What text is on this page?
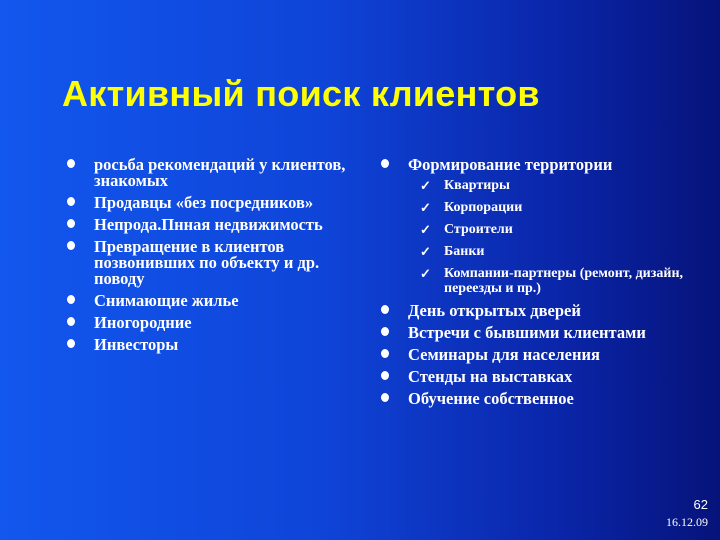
Активный поиск клиентов
росьба рекомендаций у клиентов, знакомых
Продавцы «без посредников»
Непрода.Пнная недвижимость
Превращение в клиентов позвонивших по объекту и др. поводу
Снимающие жилье
Иногородние
Инвесторы
Формирование территории
✓ Квартиры
✓ Корпорации
✓ Строители
✓ Банки
✓ Компании-партнеры (ремонт, дизайн, переезды и пр.)
День открытых дверей
Встречи с бывшими клиентами
Семинары для населения
Стенды на выставках
Обучение собственное
62
16.12.09
